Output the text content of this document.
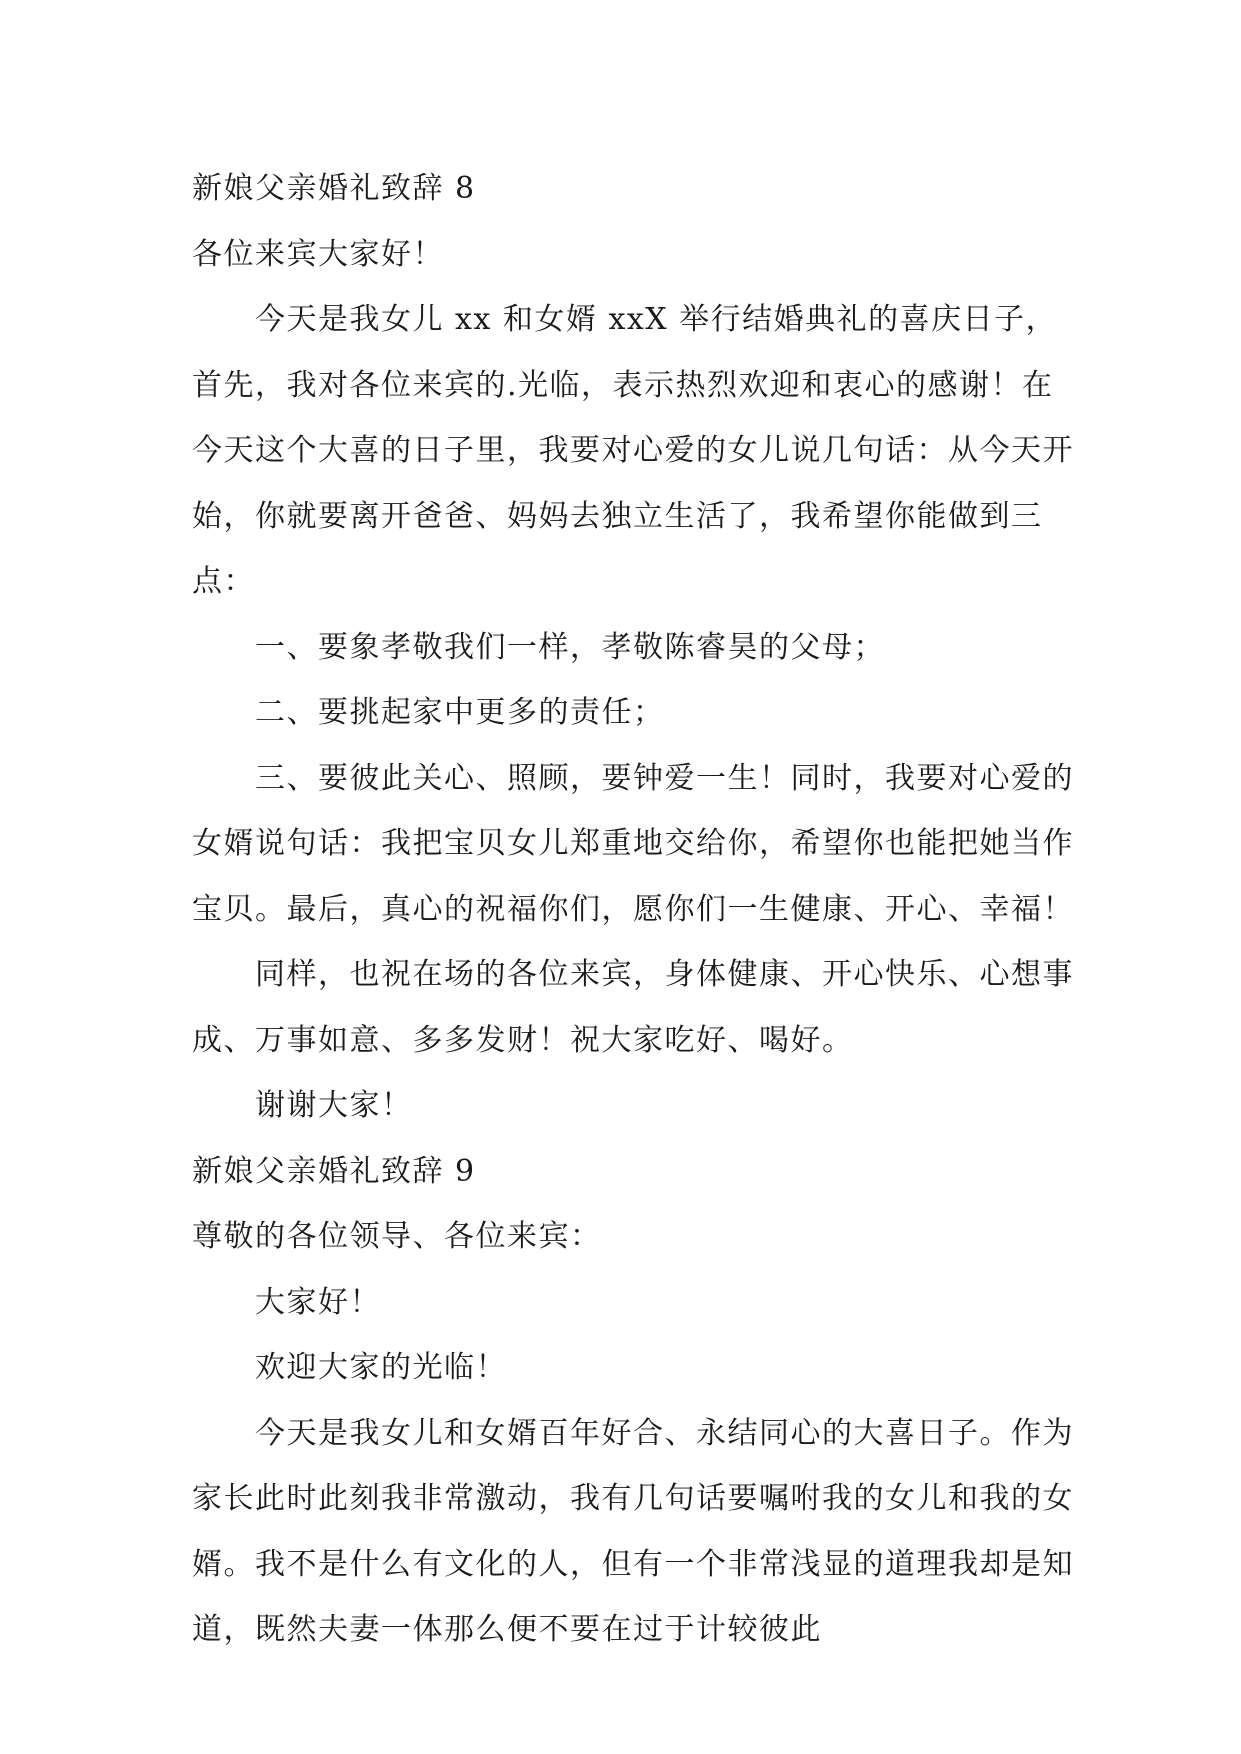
新娘父亲婚礼致辞 8

各位来宾大家好！

今天是我女儿 xx 和女婿 xxX 举行结婚典礼的喜庆日子，首先，我对各位来宾的.光临，表示热烈欢迎和衷心的感谢！在今天这个大喜的日子里，我要对心爱的女儿说几句话：从今天开始，你就要离开爸爸、妈妈去独立生活了，我希望你能做到三点：

一、要象孝敬我们一样，孝敬陈睿昊的父母；

二、要挑起家中更多的责任；

三、要彼此关心、照顾，要钟爱一生！同时，我要对心爱的女婿说句话：我把宝贝女儿郑重地交给你，希望你也能把她当作宝贝。最后，真心的祝福你们，愿你们一生健康、开心、幸福！

同样，也祝在场的各位来宾，身体健康、开心快乐、心想事成、万事如意、多多发财！祝大家吃好、喝好。

谢谢大家！

新娘父亲婚礼致辞 9

尊敬的各位领导、各位来宾：

大家好！

欢迎大家的光临！

今天是我女儿和女婿百年好合、永结同心的大喜日子。作为家长此时此刻我非常激动，我有几句话要嘱咐我的女儿和我的女婿。我不是什么有文化的人，但有一个非常浅显的道理我却是知道，既然夫妻一体那么便不要在过于计较彼此
